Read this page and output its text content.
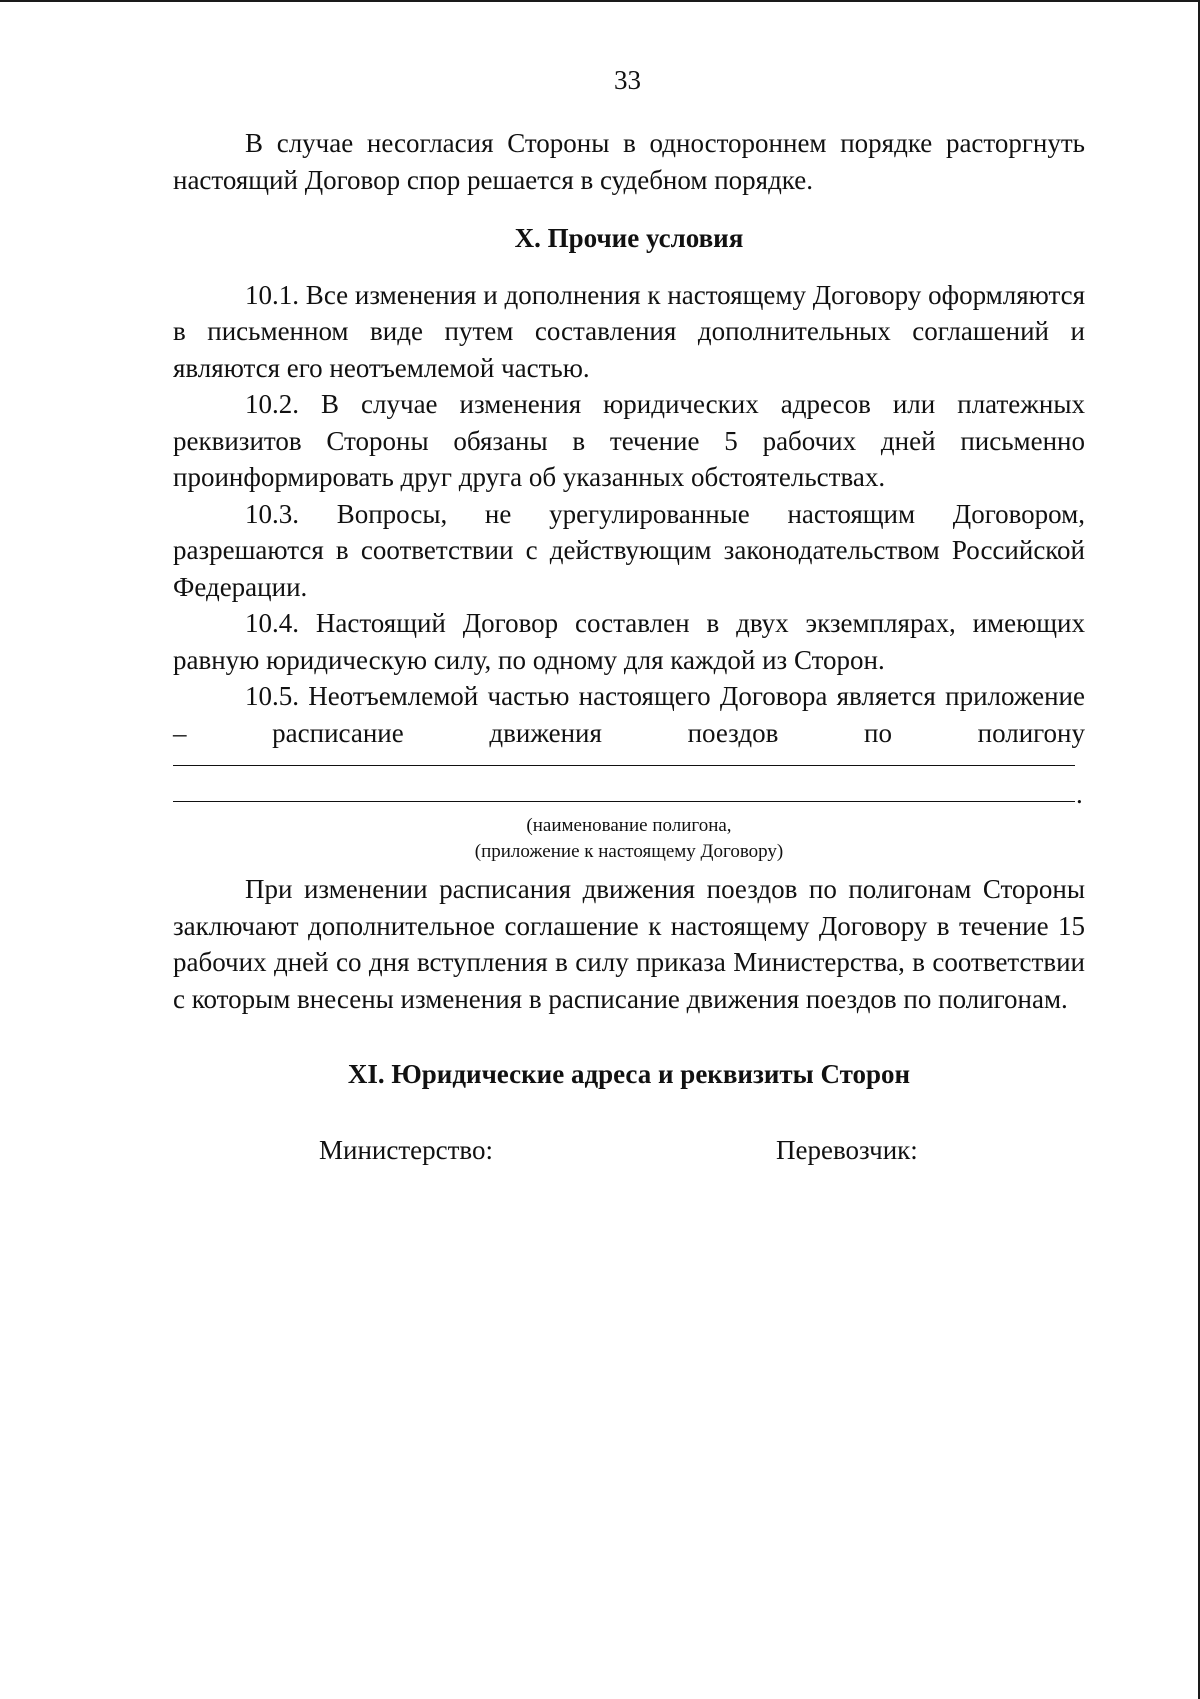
33

В случае несогласия Стороны в одностороннем порядке расторгнуть настоящий Договор спор решается в судебном порядке.

X. Прочие условия

10.1. Все изменения и дополнения к настоящему Договору оформляются в письменном виде путем составления дополнительных соглашений и являются его неотъемлемой частью.

10.2. В случае изменения юридических адресов или платежных реквизитов Стороны обязаны в течение 5 рабочих дней письменно проинформировать друг друга об указанных обстоятельствах.

10.3. Вопросы, не урегулированные настоящим Договором, разрешаются в соответствии с действующим законодательством Российской Федерации.

10.4. Настоящий Договор составлен в двух экземплярах, имеющих равную юридическую силу, по одному для каждой из Сторон.

10.5. Неотъемлемой частью настоящего Договора является приложение – расписание движения поездов по полигону

.
(наименование полигона,
(приложение к настоящему Договору)

При изменении расписания движения поездов по полигонам Стороны заключают дополнительное соглашение к настоящему Договору в течение 15 рабочих дней со дня вступления в силу приказа Министерства, в соответствии с которым внесены изменения в расписание движения поездов по полигонам.

XI. Юридические адреса и реквизиты Сторон
Министерство:	Перевозчик:
